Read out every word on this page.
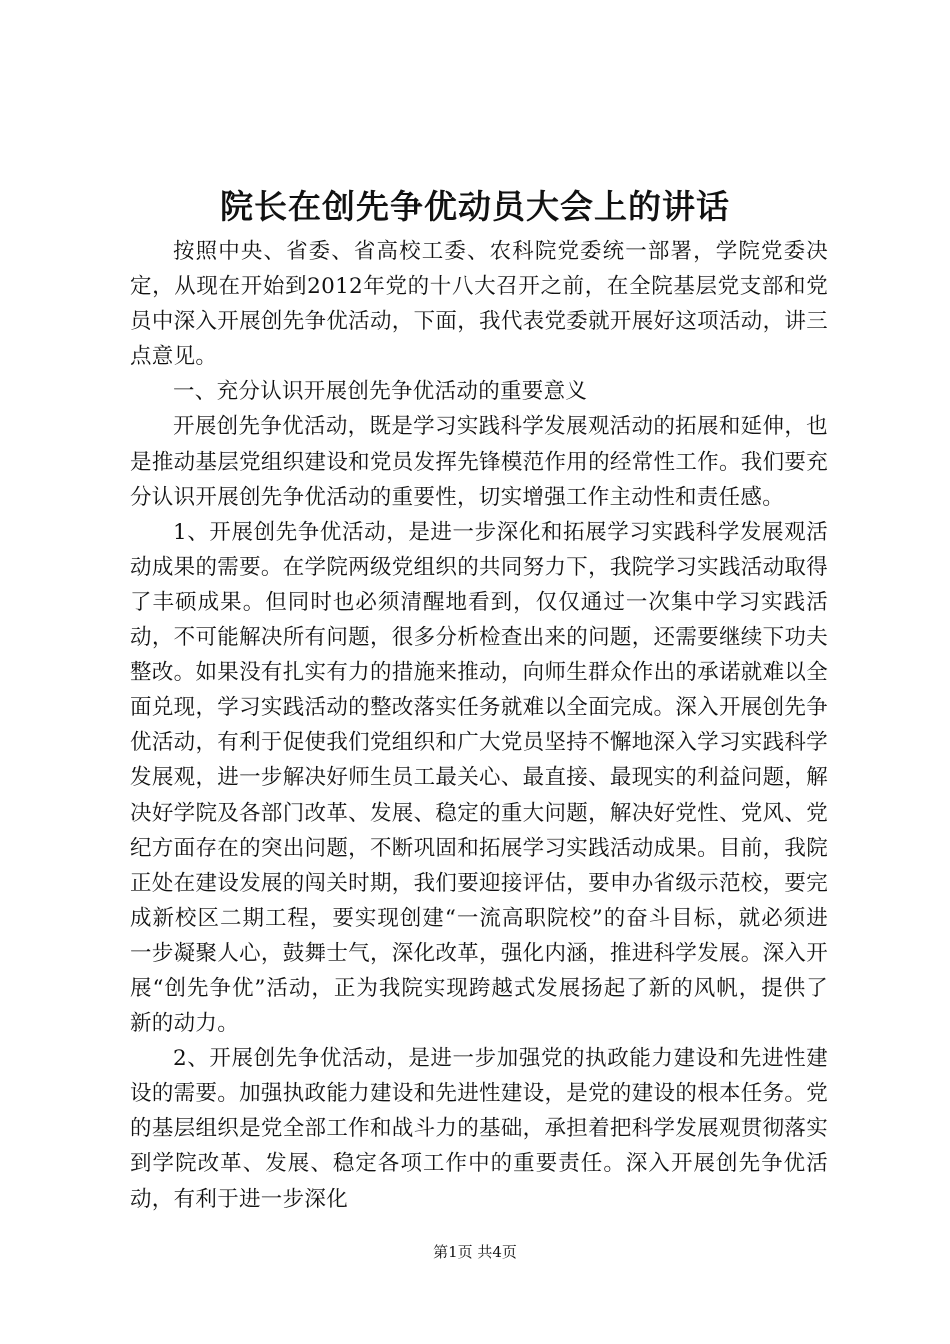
院长在创先争优动员大会上的讲话

按照中央、省委、省高校工委、农科院党委统一部署，学院党委决定，从现在开始到2012年党的十八大召开之前，在全院基层党支部和党员中深入开展创先争优活动，下面，我代表党委就开展好这项活动，讲三点意见。

一、充分认识开展创先争优活动的重要意义

开展创先争优活动，既是学习实践科学发展观活动的拓展和延伸，也是推动基层党组织建设和党员发挥先锋模范作用的经常性工作。我们要充分认识开展创先争优活动的重要性，切实增强工作主动性和责任感。

1、开展创先争优活动，是进一步深化和拓展学习实践科学发展观活动成果的需要。在学院两级党组织的共同努力下，我院学习实践活动取得了丰硕成果。但同时也必须清醒地看到，仅仅通过一次集中学习实践活动，不可能解决所有问题，很多分析检查出来的问题，还需要继续下功夫整改。如果没有扎实有力的措施来推动，向师生群众作出的承诺就难以全面兑现，学习实践活动的整改落实任务就难以全面完成。深入开展创先争优活动，有利于促使我们党组织和广大党员坚持不懈地深入学习实践科学发展观，进一步解决好师生员工最关心、最直接、最现实的利益问题，解决好学院及各部门改革、发展、稳定的重大问题，解决好党性、党风、党纪方面存在的突出问题，不断巩固和拓展学习实践活动成果。目前，我院正处在建设发展的闯关时期，我们要迎接评估，要申办省级示范校，要完成新校区二期工程，要实现创建“一流高职院校”的奋斗目标，就必须进一步凝聚人心，鼓舞士气，深化改革，强化内涵，推进科学发展。深入开展“创先争优”活动，正为我院实现跨越式发展扬起了新的风帆，提供了新的动力。

2、开展创先争优活动，是进一步加强党的执政能力建设和先进性建设的需要。加强执政能力建设和先进性建设，是党的建设的根本任务。党的基层组织是党全部工作和战斗力的基础，承担着把科学发展观贯彻落实到学院改革、发展、稳定各项工作中的重要责任。深入开展创先争优活动，有利于进一步深化

第1页 共4页
